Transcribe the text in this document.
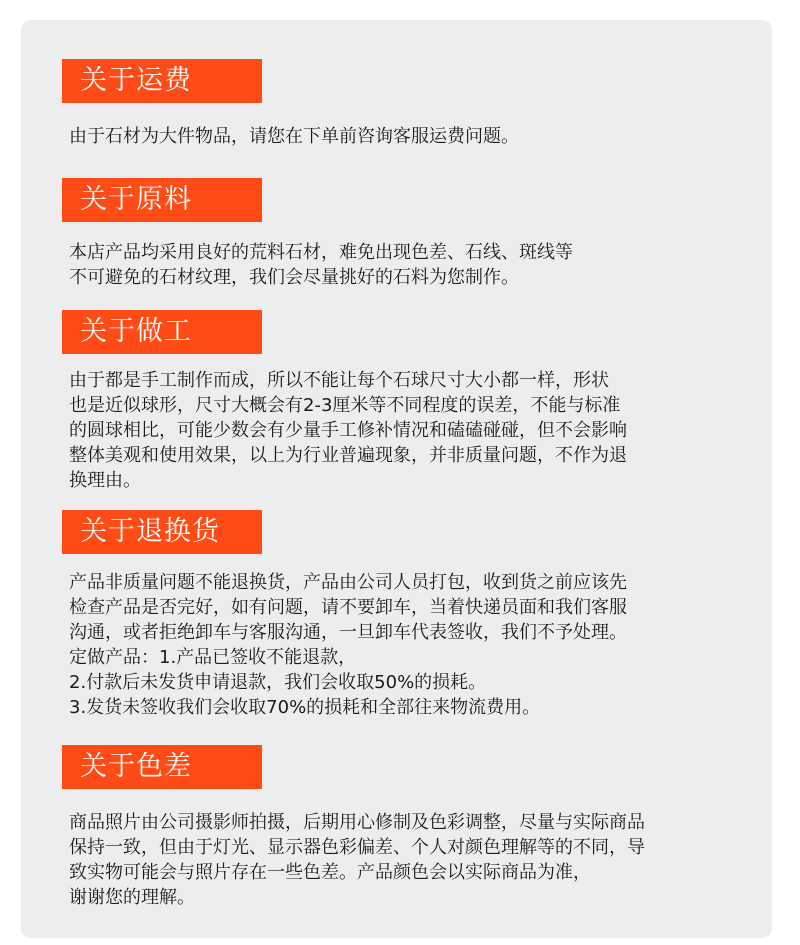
关于运费

由于石材为大件物品，请您在下单前咨询客服运费问题。

关于原料

本店产品均采用良好的荒料石材，难免出现色差、石线、斑线等
不可避免的石材纹理，我们会尽量挑好的石料为您制作。

关于做工

由于都是手工制作而成，所以不能让每个石球尺寸大小都一样，形状
也是近似球形，尺寸大概会有2-3厘米等不同程度的误差，不能与标准
的圆球相比，可能少数会有少量手工修补情况和磕磕碰碰，但不会影响
整体美观和使用效果，以上为行业普遍现象，并非质量问题，不作为退
换理由。

关于退换货

产品非质量问题不能退换货，产品由公司人员打包，收到货之前应该先
检查产品是否完好，如有问题，请不要卸车，当着快递员面和我们客服
沟通，或者拒绝卸车与客服沟通，一旦卸车代表签收，我们不予处理。
定做产品：1.产品已签收不能退款，
2.付款后未发货申请退款，我们会收取50%的损耗。
3.发货未签收我们会收取70%的损耗和全部往来物流费用。

关于色差

商品照片由公司摄影师拍摄，后期用心修制及色彩调整，尽量与实际商品
保持一致，但由于灯光、显示器色彩偏差、个人对颜色理解等的不同，导
致实物可能会与照片存在一些色差。产品颜色会以实际商品为准，
谢谢您的理解。
